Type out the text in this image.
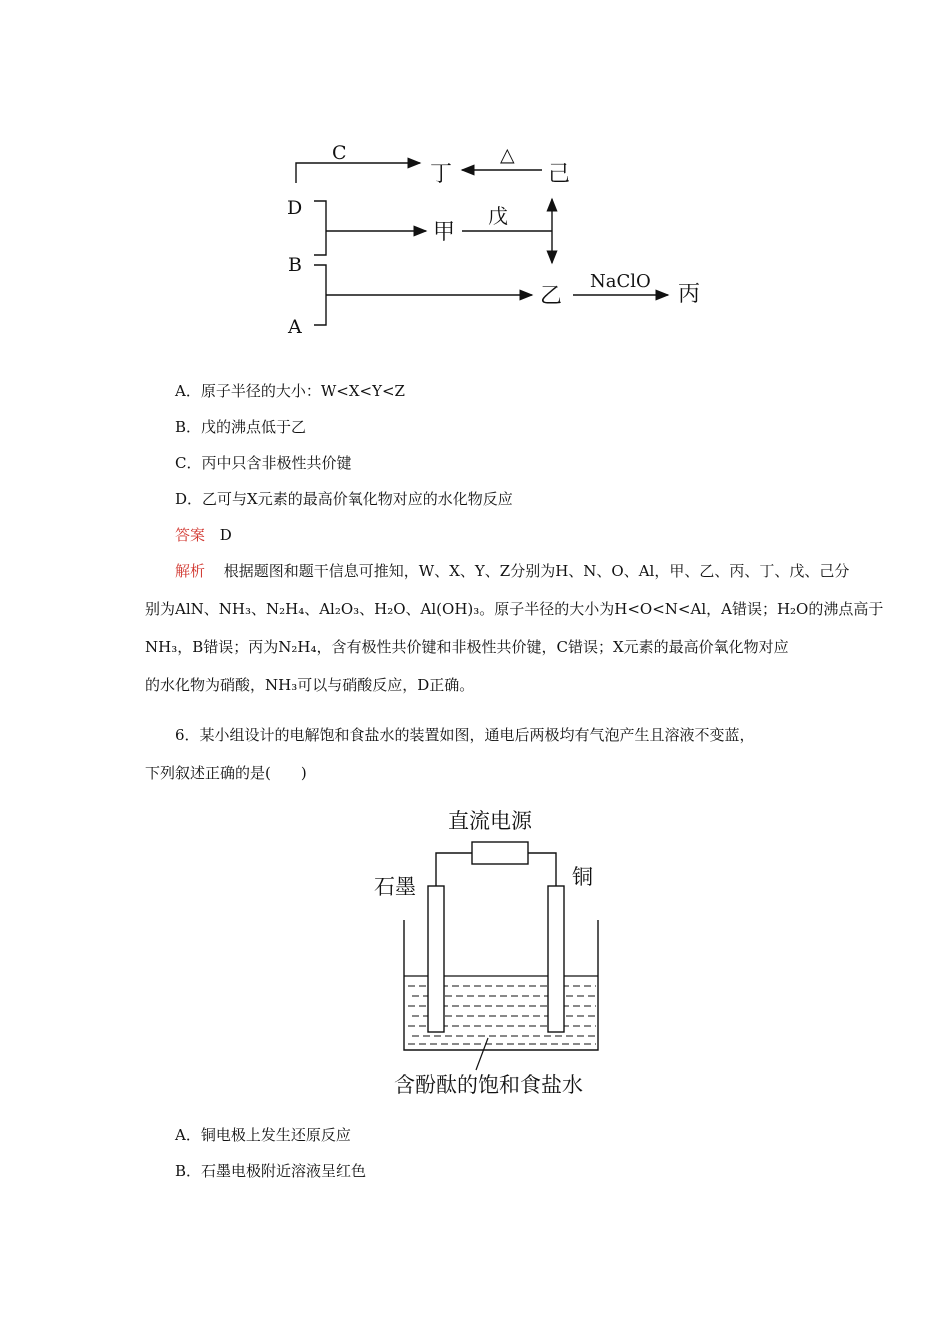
C
丁
△
己
D
甲
戊
B
乙
NaClO
丙
A
A．原子半径的大小：W<X<Y<Z
B．戊的沸点低于乙
C．丙中只含非极性共价键
D．乙可与X元素的最高价氧化物对应的水化物反应
答案 D
解析 根据题图和题干信息可推知，W、X、Y、Z分别为H、N、O、Al，甲、乙、丙、丁、戊、己分
别为AlN、NH₃、N₂H₄、Al₂O₃、H₂O、Al(OH)₃。原子半径的大小为H<O<N<Al，A错误；H₂O的沸点高于
NH₃，B错误；丙为N₂H₄，含有极性共价键和非极性共价键，C错误；X元素的最高价氧化物对应
的水化物为硝酸，NH₃可以与硝酸反应，D正确。
6．某小组设计的电解饱和食盐水的装置如图，通电后两极均有气泡产生且溶液不变蓝，
下列叙述正确的是(　　)
直流电源
石墨	铜
含酚酞的饱和食盐水
A．铜电极上发生还原反应
B．石墨电极附近溶液呈红色
